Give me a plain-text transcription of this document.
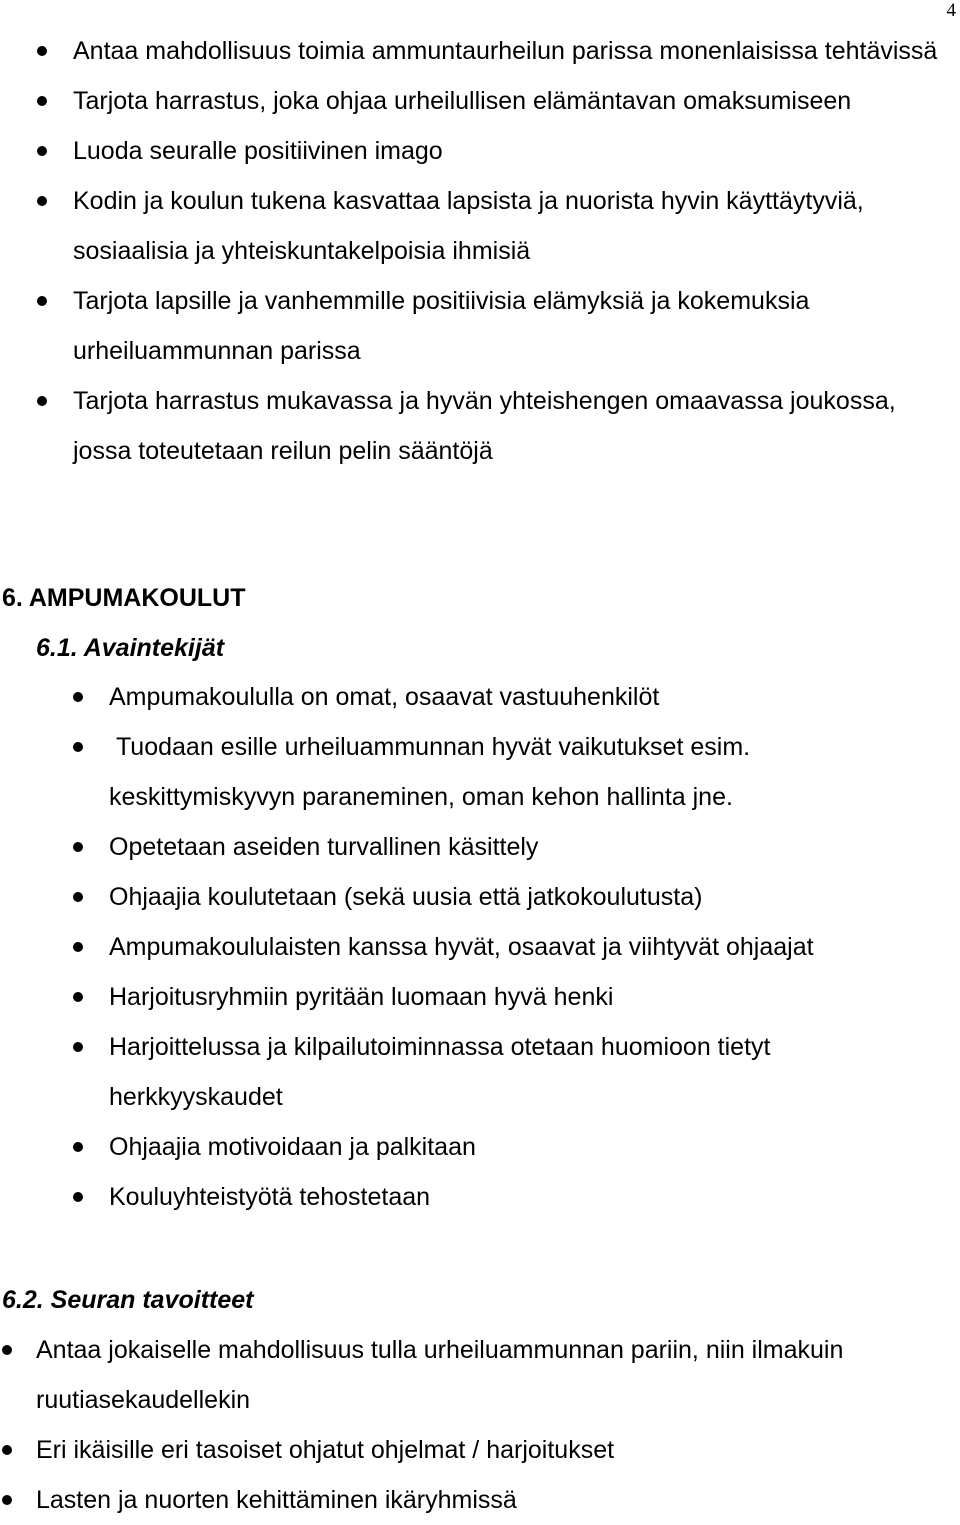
4
Antaa mahdollisuus toimia ammuntaurheilun parissa monenlaisissa tehtävissä
Tarjota harrastus, joka ohjaa urheilullisen elämäntavan omaksumiseen
Luoda seuralle positiivinen imago
Kodin ja koulun tukena kasvattaa lapsista ja nuorista hyvin käyttäytyviä, sosiaalisia ja yhteiskuntakelpoisia ihmisiä
Tarjota lapsille ja vanhemmille positiivisia elämyksiä ja kokemuksia urheiluammunnan parissa
Tarjota harrastus mukavassa ja hyvän yhteishengen omaavassa joukossa, jossa toteutetaan reilun pelin sääntöjä
6. AMPUMAKOULUT
6.1. Avaintekijät
Ampumakoululla on omat, osaavat vastuuhenkilöt
Tuodaan esille urheiluammunnan hyvät vaikutukset esim. keskittymiskyvyn paraneminen, oman kehon hallinta jne.
Opetetaan aseiden turvallinen käsittely
Ohjaajia koulutetaan (sekä uusia että jatkokoulutusta)
Ampumakoululaisten kanssa hyvät, osaavat ja viihtyvät ohjaajat
Harjoitusryhmiin pyritään luomaan hyvä henki
Harjoittelussa ja kilpailutoiminnassa otetaan huomioon tietyt herkkyyskaudet
Ohjaajia motivoidaan ja palkitaan
Kouluyhteistyötä tehostetaan
6.2. Seuran tavoitteet
Antaa jokaiselle mahdollisuus tulla urheiluammunnan pariin, niin ilmakuin ruutiasekaudellekin
Eri ikäisille eri tasoiset ohjatut ohjelmat / harjoitukset
Lasten ja nuorten kehittäminen ikäryhmissä
